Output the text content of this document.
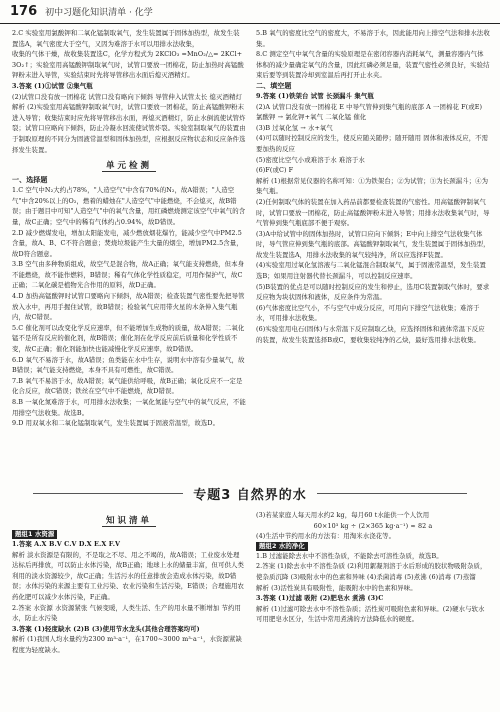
176 初中习题化知识清单 · 化学

2.C 实验室用氯酸钾和二氧化锰制取氧气，发生装置属于固体加热型，故发生装置选A，氧气密度大于空气，又因为难溶于水可以用排水法收集，

收集的气体干燥，故收集装置选C，化学方程式为 2KClO₃ =MnO₂/△= 2KCl+3O₂↑；实验室用高锰酸钾制取氧气时，试管口要放一团棉花，防止加热时高锰酸钾粉末进入导管，实验结束时先将导管移出水面后熄灭酒精灯。

3.答案 (1)①试管 ②集气瓶

(2)试管口没有放一团棉花 试管口没有略向下倾斜 导管伸入试管太长 熄灭酒精灯

解析 (2)实验室用高锰酸钾制取氧气时，试管口要放一团棉花，防止高锰酸钾粉末进入导管；收集结束时应先将导管移出水面，再熄灭酒精灯，防止水倒流使试管炸裂；试管口应略向下倾斜，防止冷凝水回流使试管炸裂。实验室制取氧气的装置由于制取原理的不同分为固液常温型和固体加热型，应根据反应物状态和反应条件选择发生装置。

单元检测

一、选择题

1.C 空气中N₂大约占78%，"人造空气"中含有70%的N₂，故A错误；"人造空气"中含20%以上的O₂，燃着的蜡烛在"人造空气"中能燃烧，不会熄灭，故B错误；由于题目中可知"人造空气"中的氧气含量，用红磷燃烧测定该空气中氧气的含量，故C正确；空气中的稀有气体约占0.94%，故D错误。

2.D 减少燃煤发电，增加太阳能发电，减少燃放烟花爆竹，能减少空气中PM2.5含量，故A、B、C不符合题意；焚烧垃圾能产生大量的烟尘，增加PM2.5含量，故D符合题意。

3.B 空气由多种物质组成，故空气是混合物，故A正确；氧气能支持燃烧，但本身不能燃烧，故不能作燃料，B错误；稀有气体化学性质稳定，可用作保护气，故C正确；二氧化碳是植物光合作用的原料，故D正确。

4.D 加热高锰酸钾时试管口要略向下倾斜，故A错误；检查装置气密性要先把导管放入水中，再用手握住试管，故B错误；检验氧气应用带火星的木条伸入集气瓶内，故C错误。

5.C 催化剂可以改变化学反应速率，但不能增加生成物的质量，故A错误；二氧化锰不是所有反应的催化剂，故B错误；催化剂在化学反应前后质量和化学性质不变，故C正确；催化剂能加快也能减慢化学反应速率，故D错误。

6.D 氧气不易溶于水，故A错误；鱼类能在水中生存，说明水中溶有少量氧气，故B错误；氧气能支持燃烧，本身不具有可燃性，故C错误。

7.B 氧气不易溶于水，故A错误；氧气能供给呼吸，故B正确；氧化反应不一定是化合反应，故C错误；铁丝在空气中不能燃烧，故D错误。

8.B 一氧化氮难溶于水，可用排水法收集；一氧化氮能与空气中的氧气反应，不能用排空气法收集。故选B。

9.D 用双氧水和二氧化锰制取氧气，发生装置属于固液常温型，故选D。

5.B 氧气的密度比空气的密度大，不易溶于水，因此能用向上排空气法和排水法收集。

8.C 测定空气中氧气含量的实验原理是在密闭容器内消耗氧气，测量容器内气体体积的减少量确定氧气的含量，因此红磷必须足量，装置气密性必须良好，实验结束后要等到装置冷却到室温后再打开止水夹。

二、填空题

9.答案 (1)铁架台 试管 长颈漏斗 集气瓶

(2)A 试管口没有放一团棉花 E 中导气管伸到集气瓶的底部 A 一团棉花 F(或E) 氯酸钾 → 氯化钾+氧气 二氧化锰 催化

(3)B 过氧化氢 → 水+氧气

(4)可以随时控制反应的发生，使反应随关随停；随开随用 固体和液体反应，不需要加热的反应

(5)密度比空气小或难溶于水 难溶于水

(6)F(或C) F

解析 (1)根据常见仪器的名称可知：①为铁架台；②为试管；③为长颈漏斗；④为集气瓶。

(2)任何制取气体的装置在加入药品前都要检查装置的气密性。用高锰酸钾制氧气时，试管口要放一团棉花，防止高锰酸钾粉末进入导管；用排水法收集氧气时，导气管伸到集气瓶底部不便于观察。

(3)A中给试管中的固体加热时，试管口应向下倾斜；E中向上排空气法收集气体时，导气管应伸到集气瓶的底部。高锰酸钾制取氧气，发生装置属于固体加热型，故发生装置选A，用排水法收集的氧气较纯净，所以应选择F装置。

(4)实验室用过氧化氢溶液与二氧化锰混合制取氧气，属于固液常温型，发生装置选B；如果用注射器代替长颈漏斗，可以控制反应速率。

(5)B装置的优点是可以随时控制反应的发生和停止，选用C装置制取气体时，要求反应物为块状固体和液体，反应条件为常温。

(6)气体密度比空气小，不与空气中成分反应，可用向下排空气法收集；难溶于水，可用排水法收集。

(6)实验室用电石(固体)与水常温下反应制取乙炔，应选择固体和液体常温下反应的装置，故发生装置选择B或C，要收集较纯净的乙炔，最好选用排水法收集。

专题3 自然界的水
知识清单

题组1 水资源

1.答案 A.X B.V C.V D.X E.X F.V

解析 淡水资源是有限的，不是取之不尽、用之不竭的，故A错误；工业废水处理达标后再排放，可以防止水体污染，故B正确；地球上水的储量丰富，但可供人类利用的淡水资源较少，故C正确；生活污水的任意排放会造成水体污染，故D错误；水体污染的来源主要有工业污染、农业污染和生活污染，E错误；合理施用农药化肥可以减少水体污染，F正确。

2.答案 水资源 水资源紧张 气候变暖，人类生活、生产的用水量不断增加 节约用水，防止水污染

3.答案 (1)轻度缺水 (2)B (3)使用节水龙头(其他合理答案均可)

解析 (1)我国人均水量约为2300 m³·a⁻¹，在1700~3000 m³·a⁻¹，水资源紧缺程度为轻度缺水。

(3)若某家庭人每天用水约2 kg，每月60 t水能供一个人饮用

60×10³ kg ÷ (2×365 kg·a⁻¹) ≈ 82 a

(4)生活中节约用水的方法有：用淘米水浇花等。

题组2 水的净化

1.B 过滤能除去水中不溶性杂质，不能除去可溶性杂质，故选B。

2.答案 (1)除去水中不溶性杂质 (2)利用絮凝剂溶于水后形成的胶状物吸附杂质，使杂质沉降 (3)吸附水中的色素和异味 (4)杀菌消毒 (5)煮沸 (6)消毒 (7)蒸馏

解析 (3)活性炭具有吸附性，能吸附水中的色素和异味。

3.答案 (1)过滤 吸附 (2)肥皂水 煮沸 (3)C

解析 (1)过滤可除去水中不溶性杂质；活性炭可吸附色素和异味。(2)硬水与软水可用肥皂水区分，生活中常用煮沸的方法降低水的硬度。
